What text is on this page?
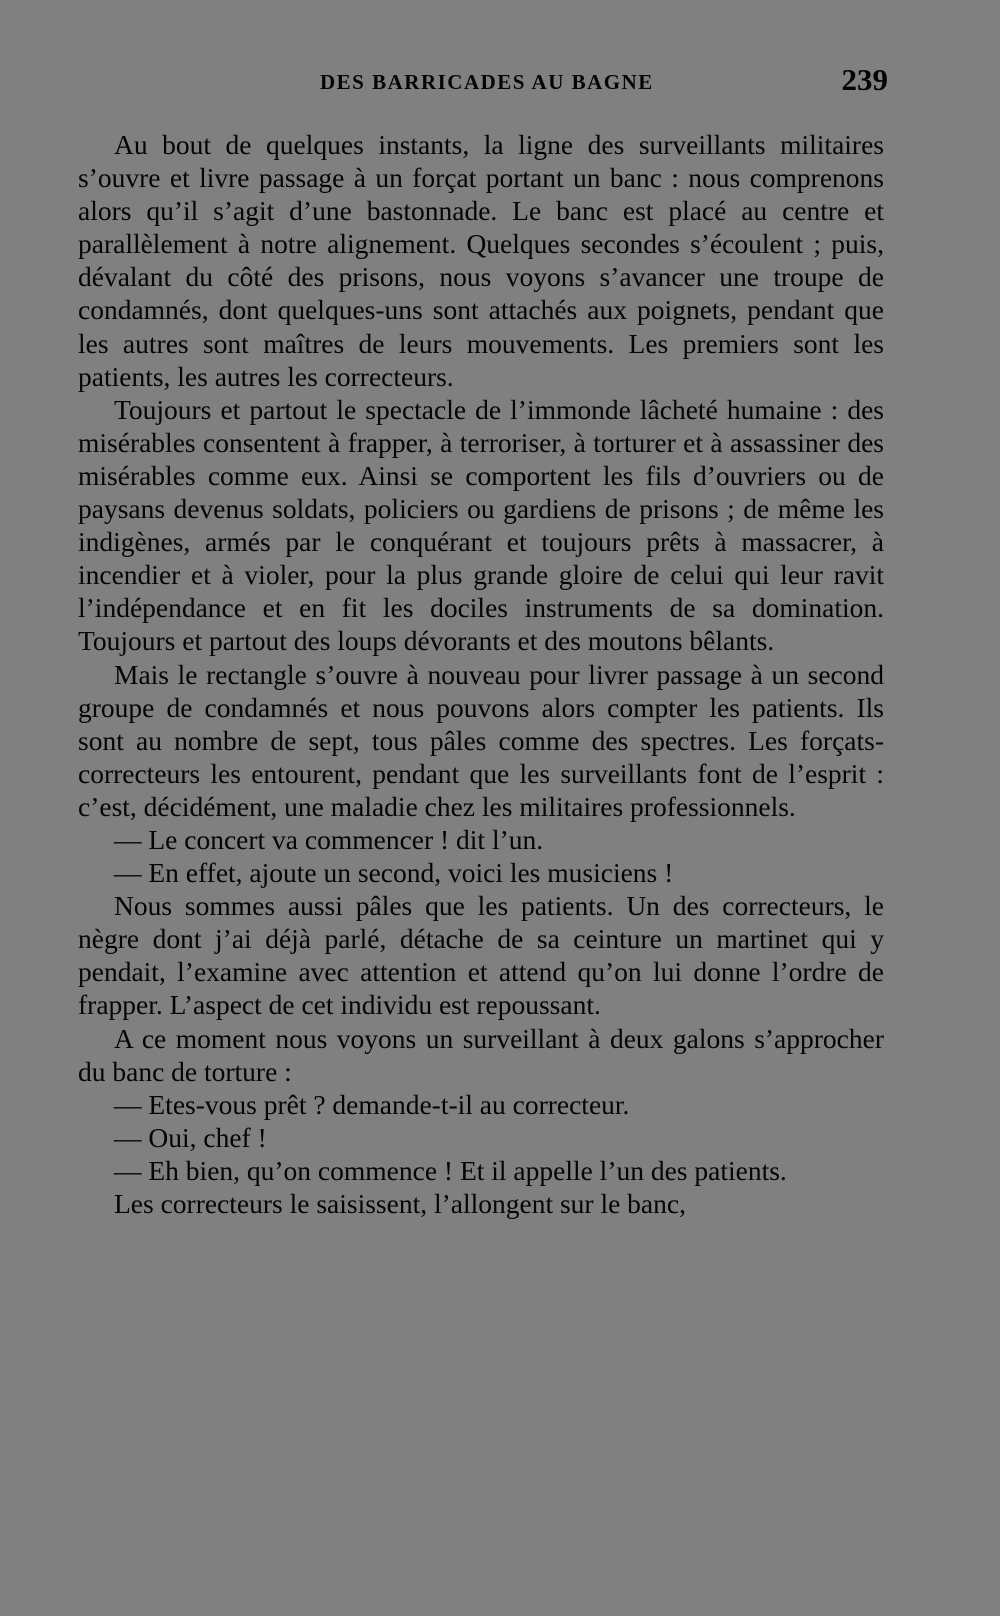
DES BARRICADES AU BAGNE	239

Au bout de quelques instants, la ligne des surveillants militaires s’ouvre et livre passage à un forçat portant un banc : nous comprenons alors qu’il s’agit d’une bastonnade. Le banc est placé au centre et parallèlement à notre alignement. Quelques secondes s’écoulent ; puis, dévalant du côté des prisons, nous voyons s’avancer une troupe de condamnés, dont quelques-uns sont attachés aux poignets, pendant que les autres sont maîtres de leurs mouvements. Les premiers sont les patients, les autres les correcteurs.

Toujours et partout le spectacle de l’immonde lâcheté humaine : des misérables consentent à frapper, à terroriser, à torturer et à assassiner des misérables comme eux. Ainsi se comportent les fils d’ouvriers ou de paysans devenus soldats, policiers ou gardiens de prisons ; de même les indigènes, armés par le conquérant et toujours prêts à massacrer, à incendier et à violer, pour la plus grande gloire de celui qui leur ravit l’indépendance et en fit les dociles instruments de sa domination. Toujours et partout des loups dévorants et des moutons bêlants.

Mais le rectangle s’ouvre à nouveau pour livrer passage à un second groupe de condamnés et nous pouvons alors compter les patients. Ils sont au nombre de sept, tous pâles comme des spectres. Les forçats-correcteurs les entourent, pendant que les surveillants font de l’esprit : c’est, décidément, une maladie chez les militaires professionnels.

— Le concert va commencer ! dit l’un.

— En effet, ajoute un second, voici les musiciens !

Nous sommes aussi pâles que les patients. Un des correcteurs, le nègre dont j’ai déjà parlé, détache de sa ceinture un martinet qui y pendait, l’examine avec attention et attend qu’on lui donne l’ordre de frapper. L’aspect de cet individu est repoussant.

A ce moment nous voyons un surveillant à deux galons s’approcher du banc de torture :

— Etes-vous prêt ? demande-t-il au correcteur.

— Oui, chef !

— Eh bien, qu’on commence ! Et il appelle l’un des patients.

Les correcteurs le saisissent, l’allongent sur le banc,
